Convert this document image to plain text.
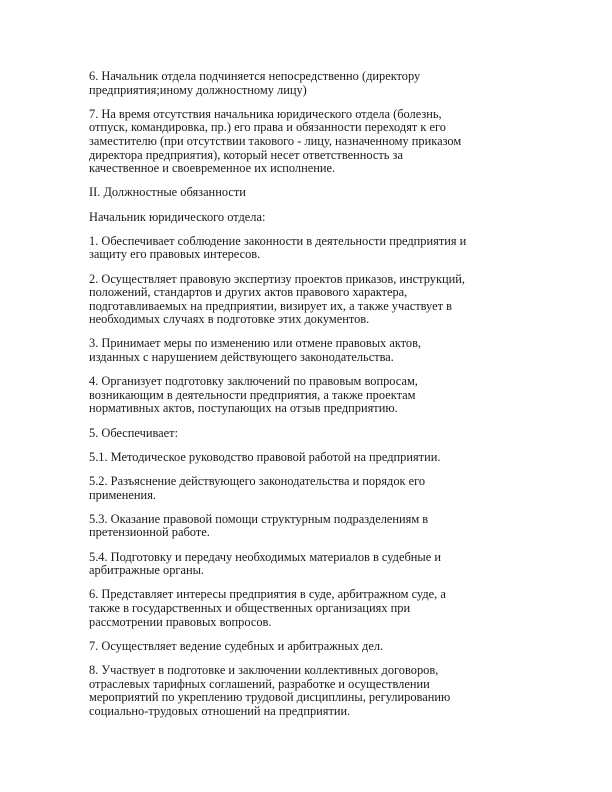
6. Начальник отдела подчиняется непосредственно (директору
предприятия;иному должностному лицу)

7. На время отсутствия начальника юридического отдела (болезнь,
отпуск, командировка, пр.) его права и обязанности переходят к его
заместителю (при отсутствии такового - лицу, назначенному приказом
директора предприятия), который несет ответственность за
качественное и своевременное их исполнение.

II. Должностные обязанности

Начальник юридического отдела:

1. Обеспечивает соблюдение законности в деятельности предприятия и
защиту его правовых интересов.

2. Осуществляет правовую экспертизу проектов приказов, инструкций,
положений, стандартов и других актов правового характера,
подготавливаемых на предприятии, визирует их, а также участвует в
необходимых случаях в подготовке этих документов.

3. Принимает меры по изменению или отмене правовых актов,
изданных с нарушением действующего законодательства.

4. Организует подготовку заключений по правовым вопросам,
возникающим в деятельности предприятия, а также проектам
нормативных актов, поступающих на отзыв предприятию.

5. Обеспечивает:

5.1. Методическое руководство правовой работой на предприятии.

5.2. Разъяснение действующего законодательства и порядок его
применения.

5.3. Оказание правовой помощи структурным подразделениям в
претензионной работе.

5.4. Подготовку и передачу необходимых материалов в судебные и
арбитражные органы.

6. Представляет интересы предприятия в суде, арбитражном суде, а
также в государственных и общественных организациях при
рассмотрении правовых вопросов.

7. Осуществляет ведение судебных и арбитражных дел.

8. Участвует в подготовке и заключении коллективных договоров,
отраслевых тарифных соглашений, разработке и осуществлении
мероприятий по укреплению трудовой дисциплины, регулированию
социально-трудовых отношений на предприятии.
